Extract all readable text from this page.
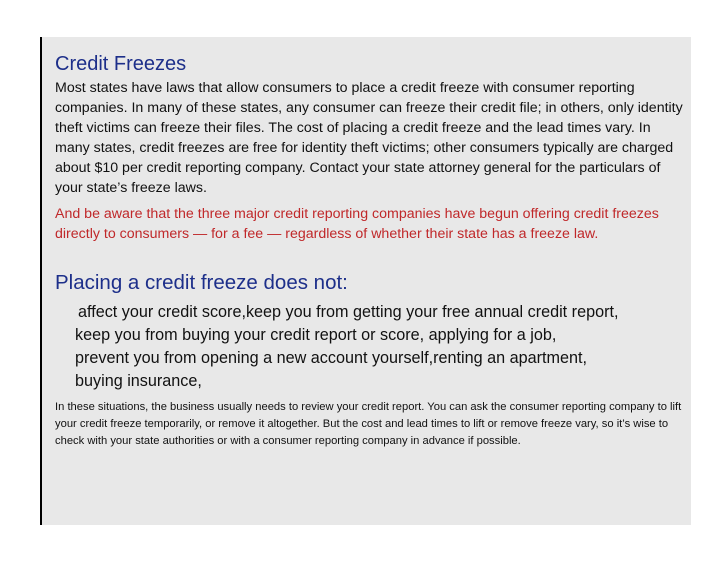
Credit Freezes

Most states have laws that allow consumers to place a credit freeze with consumer reporting companies. In many of these states, any consumer can freeze their credit file; in others, only identity theft victims can freeze their files. The cost of placing a credit freeze and the lead times vary. In many states, credit freezes are free for identity theft victims; other consumers typically are charged about $10 per credit reporting company. Contact your state attorney general for the particulars of your state’s freeze laws.

And be aware that the three major credit reporting companies have begun offering credit freezes directly to consumers — for a fee — regardless of whether their state has a freeze law.

Placing a credit freeze does not:
affect your credit score,keep you from getting your free annual credit report,
keep you from buying your credit report or score, applying for a job,
prevent you from opening a new account yourself,renting an apartment,
buying insurance,

In these situations, the business usually needs to review your credit report. You can ask the consumer reporting company to lift your credit freeze temporarily, or remove it altogether. But the cost and lead times to lift or remove freeze vary, so it’s wise to check with your state authorities or with a consumer reporting company in advance if possible.
